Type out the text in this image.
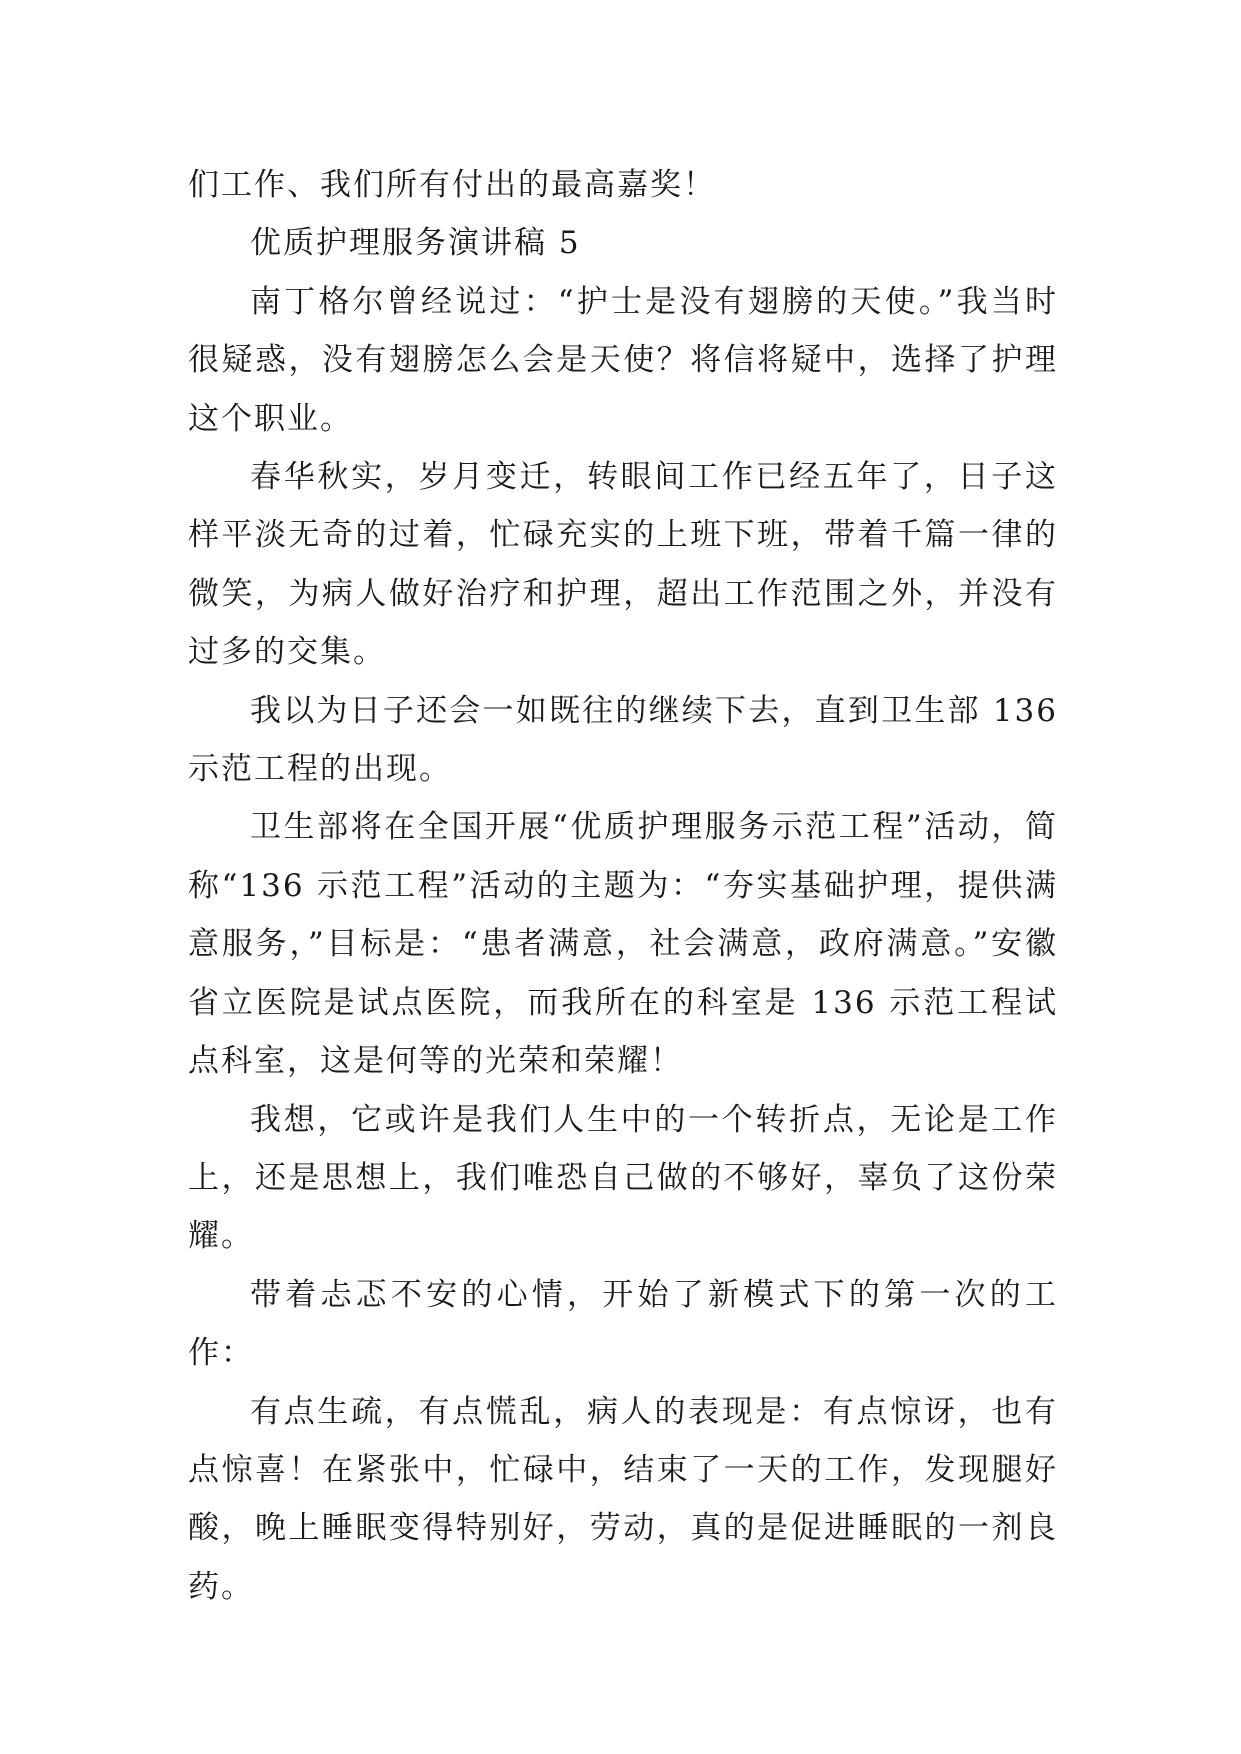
们工作、我们所有付出的最高嘉奖！

优质护理服务演讲稿 5

南丁格尔曾经说过：“护士是没有翅膀的天使。”我当时很疑惑，没有翅膀怎么会是天使？将信将疑中，选择了护理这个职业。

春华秋实，岁月变迁，转眼间工作已经五年了，日子这样平淡无奇的过着，忙碌充实的上班下班，带着千篇一律的微笑，为病人做好治疗和护理，超出工作范围之外，并没有过多的交集。

我以为日子还会一如既往的继续下去，直到卫生部 136 示范工程的出现。

卫生部将在全国开展“优质护理服务示范工程”活动，简称“136 示范工程”活动的主题为：“夯实基础护理，提供满意服务，”目标是：“患者满意，社会满意，政府满意。”安徽省立医院是试点医院，而我所在的科室是 136 示范工程试点科室，这是何等的光荣和荣耀！

我想，它或许是我们人生中的一个转折点，无论是工作上，还是思想上，我们唯恐自己做的不够好，辜负了这份荣耀。

带着忐忑不安的心情，开始了新模式下的第一次的工作：

有点生疏，有点慌乱，病人的表现是：有点惊讶，也有点惊喜！在紧张中，忙碌中，结束了一天的工作，发现腿好酸，晚上睡眠变得特别好，劳动，真的是促进睡眠的一剂良药。
